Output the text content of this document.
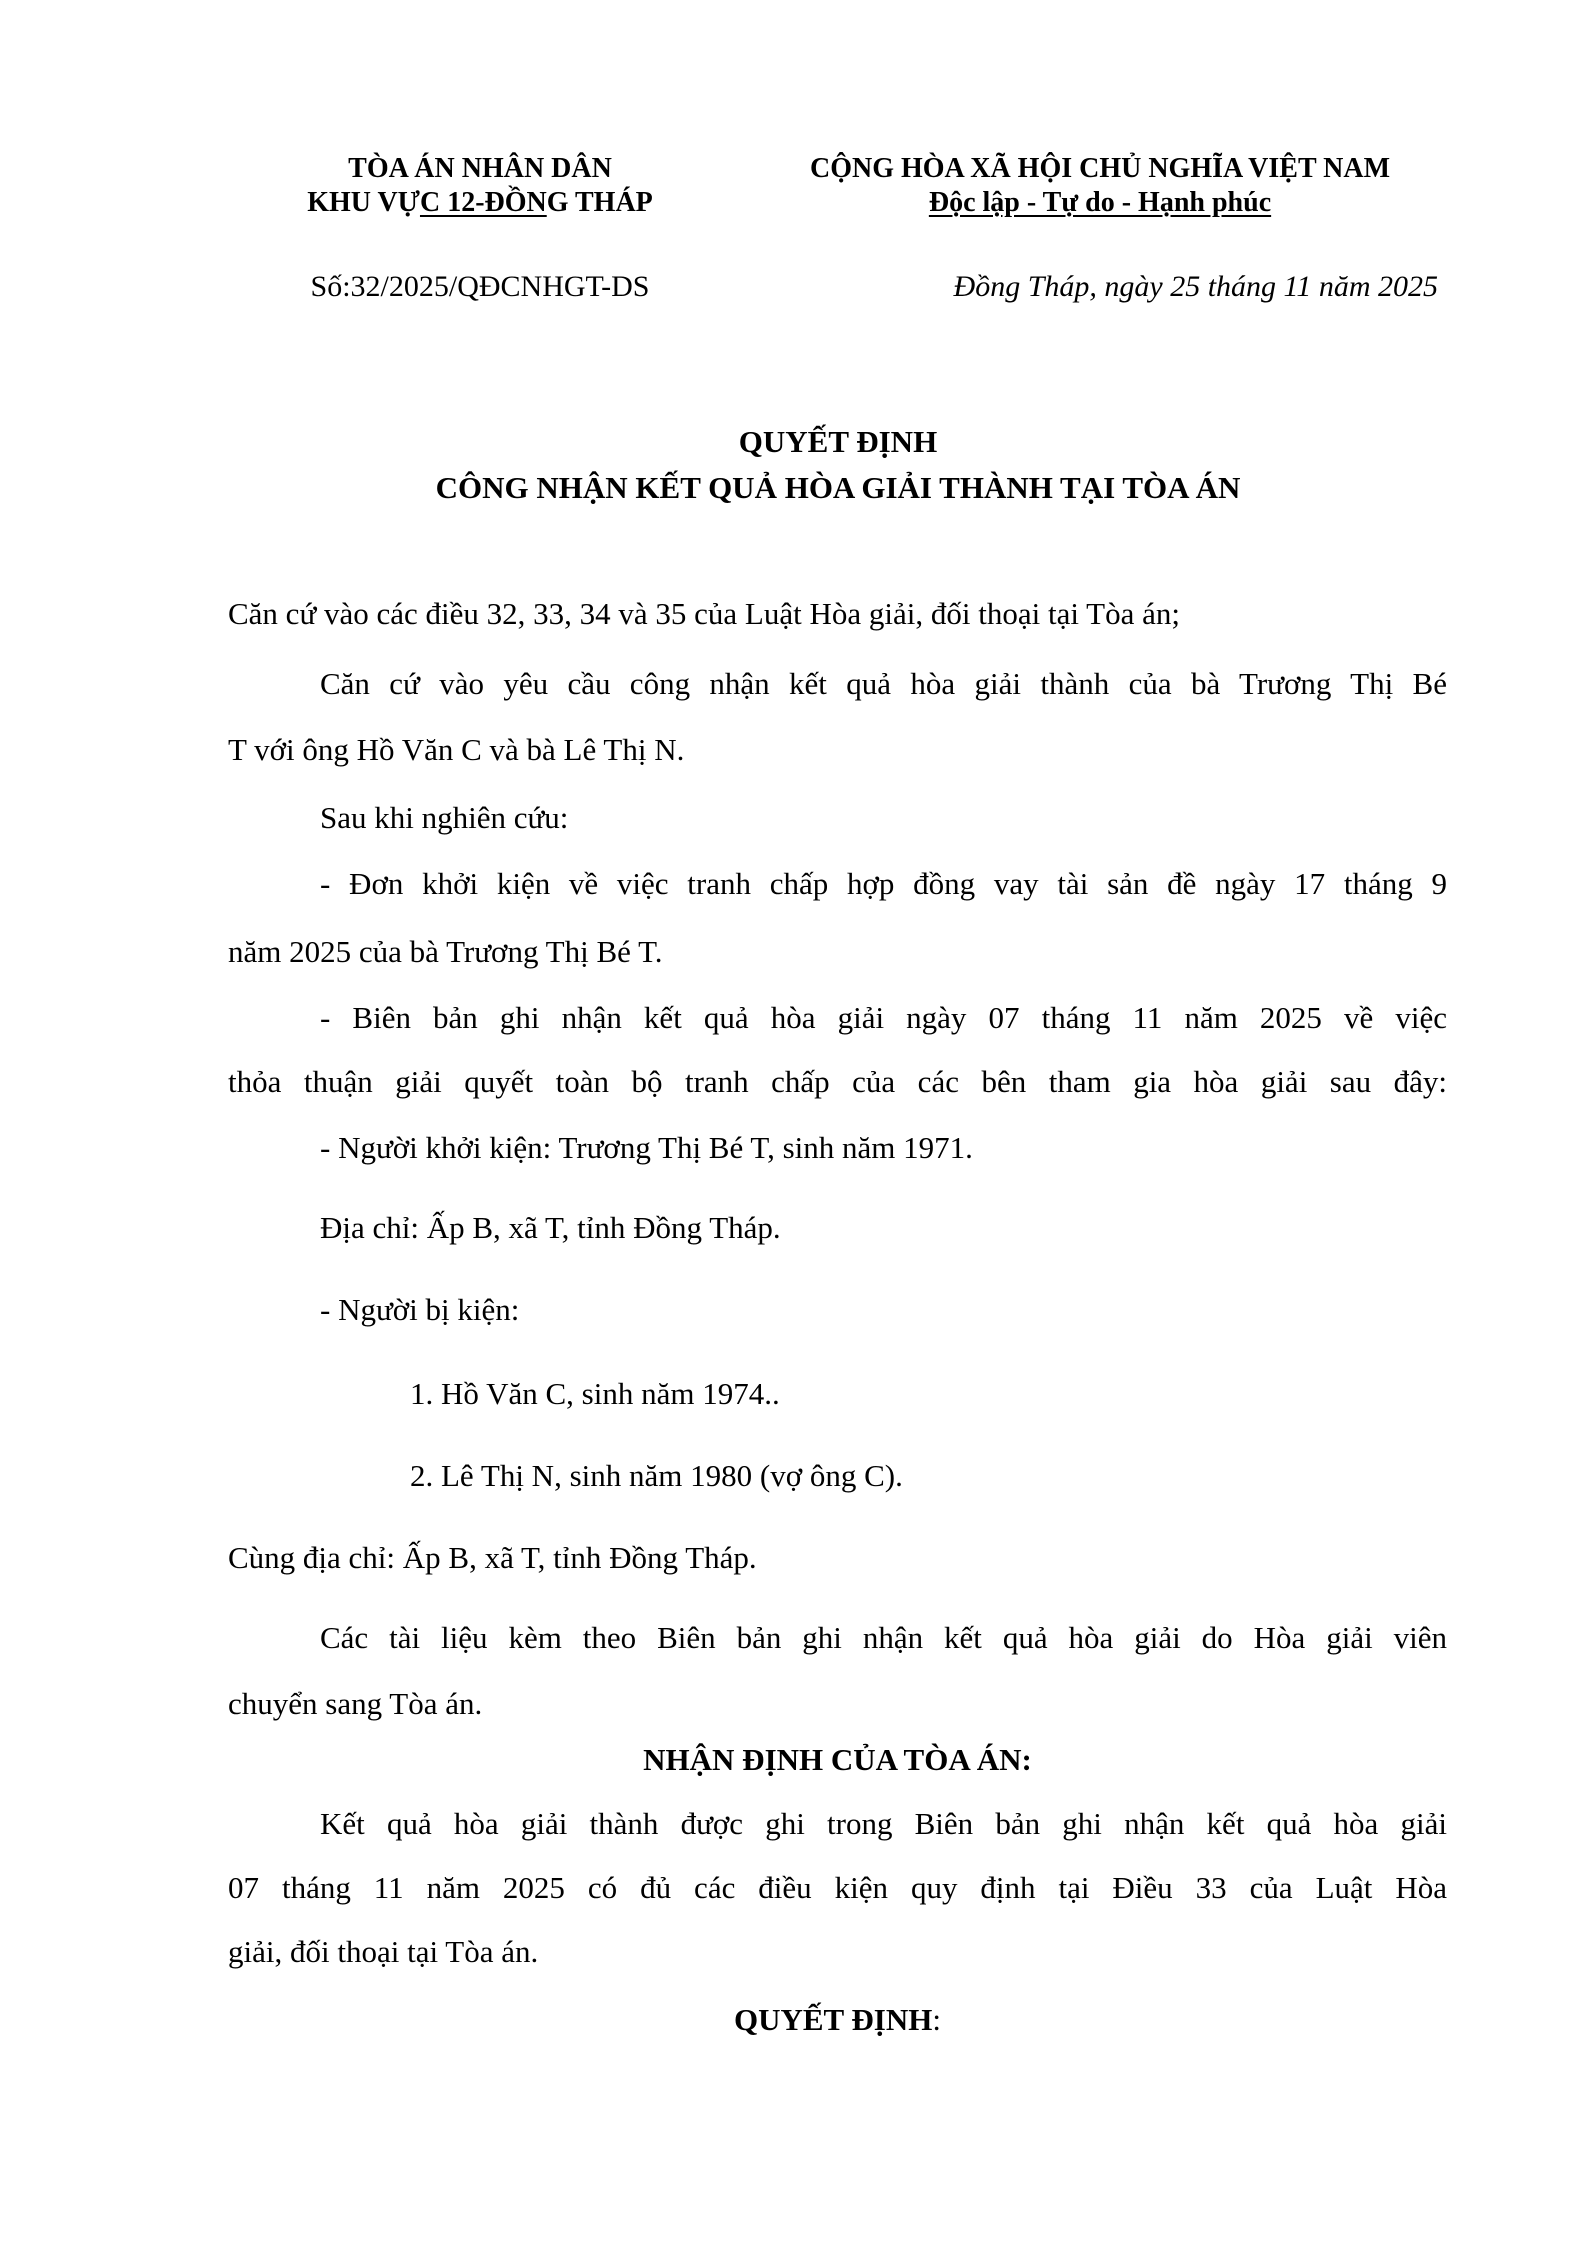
TÒA ÁN NHÂN DÂN
KHU VỰC 12-ĐỒNG THÁP
Số:32/2025/QĐCNHGT-DS
CỘNG HÒA XÃ HỘI CHỦ NGHĨA VIỆT NAM
Độc lập - Tự do - Hạnh phúc
Đồng Tháp, ngày 25 tháng 11 năm 2025
QUYẾT ĐỊNH
CÔNG NHẬN KẾT QUẢ HÒA GIẢI THÀNH TẠI TÒA ÁN
Căn cứ vào các điều 32, 33, 34 và 35 của Luật Hòa giải, đối thoại tại Tòa án;
Căn cứ vào yêu cầu công nhận kết quả hòa giải thành của bà Trương Thị Bé
T với ông Hồ Văn C và bà Lê Thị N.
Sau khi nghiên cứu:
- Đơn khởi kiện về việc tranh chấp hợp đồng vay tài sản đề ngày 17 tháng 9
năm 2025 của bà Trương Thị Bé T.
- Biên bản ghi nhận kết quả hòa giải ngày 07 tháng 11 năm 2025 về việc
thỏa thuận giải quyết toàn bộ tranh chấp của các bên tham gia hòa giải sau đây:
- Người khởi kiện: Trương Thị Bé T, sinh năm 1971.
Địa chỉ: Ấp B, xã T, tỉnh Đồng Tháp.
- Người bị kiện:
1. Hồ Văn C, sinh năm 1974..
2. Lê Thị N, sinh năm 1980 (vợ ông C).
Cùng địa chỉ: Ấp B, xã T, tỉnh Đồng Tháp.
Các tài liệu kèm theo Biên bản ghi nhận kết quả hòa giải do Hòa giải viên
chuyển sang Tòa án.
NHẬN ĐỊNH CỦA TÒA ÁN:
Kết quả hòa giải thành được ghi trong Biên bản ghi nhận kết quả hòa giải
07 tháng 11 năm 2025 có đủ các điều kiện quy định tại Điều 33 của Luật Hòa
giải, đối thoại tại Tòa án.
QUYẾT ĐỊNH:
